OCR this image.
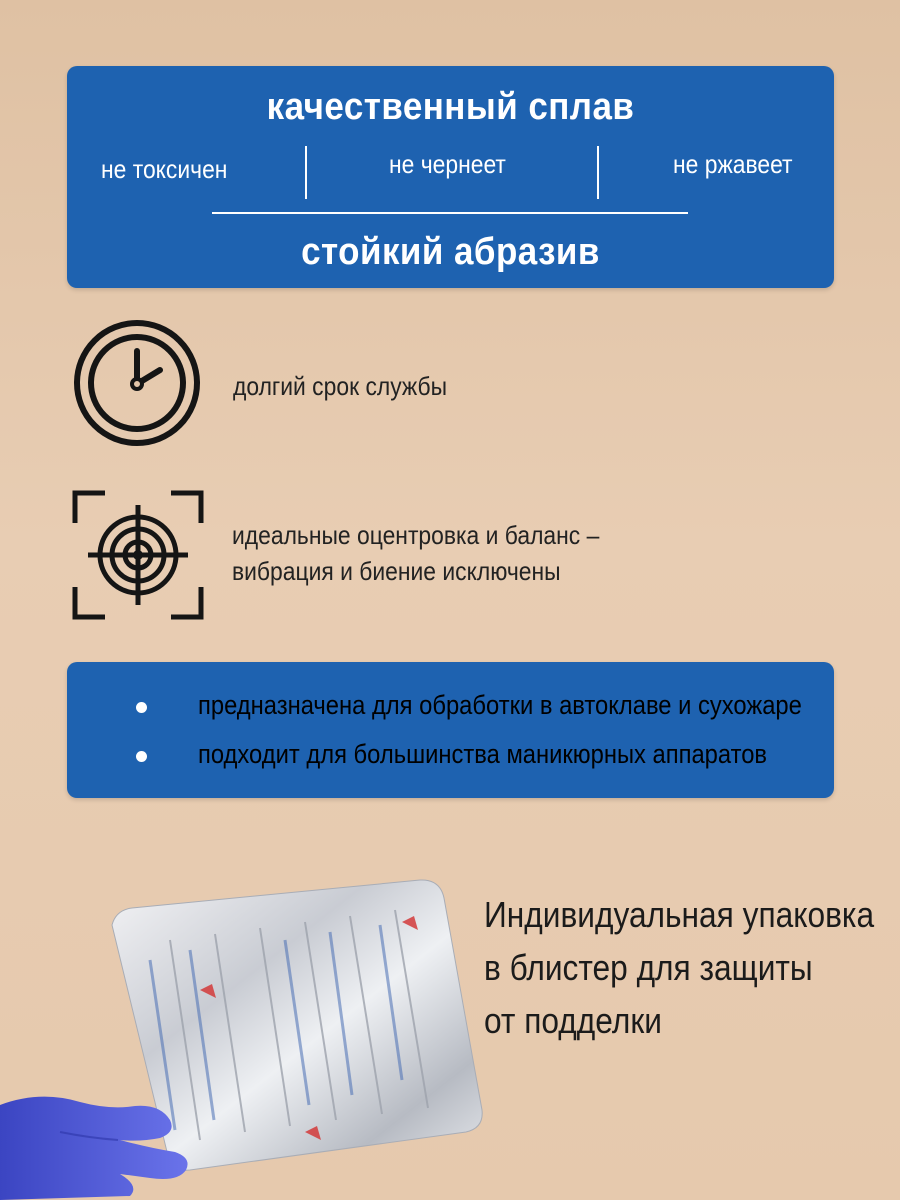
качественный сплав
не токсичен	не чернеет	не ржавеет
стойкий абразив
долгий срок службы
идеальные оцентровка и баланс –
вибрация и биение исключены
предназначена для обработки в автоклаве и сухожаре
подходит для большинства маникюрных аппаратов
Индивидуальная упаковка
в блистер для защиты
от подделки
